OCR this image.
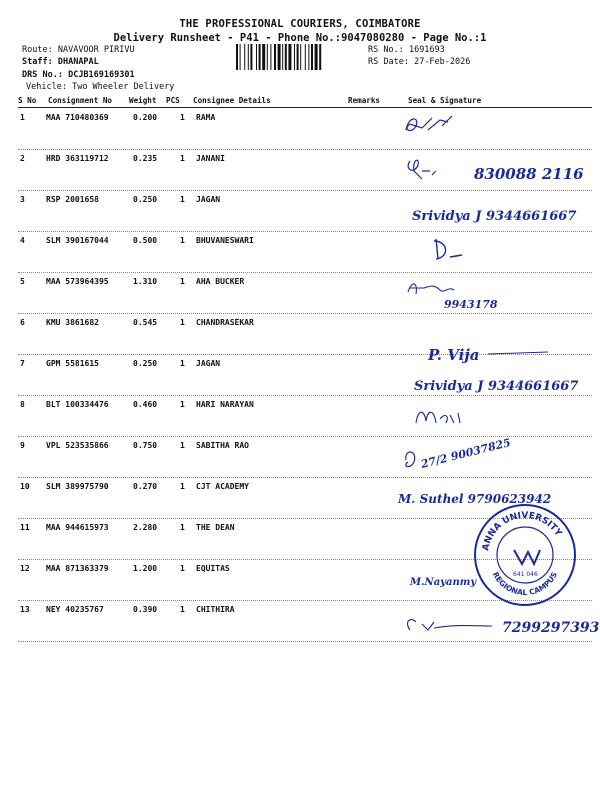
THE PROFESSIONAL COURIERS, COIMBATORE
Delivery Runsheet - P41 - Phone No.:9047080280 - Page No.:1
Route: NAVAVOOR PIRIVU
Staff: DHANAPAL
DRS No.: DCJB169169301
Vehicle: Two Wheeler Delivery
RS No.: 1691693
RS Date: 27-Feb-2026
S No Consignment No Weight PCS Consignee Details	Remarks	Seal & Signature
1	MAA 710480369	0.200	1 RAMA
2	HRD 363119712	0.235	1 JANANI
830088 2116
3	RSP 2001658	0.250	1 JAGAN
Srividya J 9344661667
4	SLM 390167044	0.500	1 BHUVANESWARI
5	MAA 573964395	1.310	1 AHA BUCKER
9943178
6	KMU 3861682	0.545	1 CHANDRASEKAR
7	GPM 5581615	0.250	1 JAGAN	P. Vija
Srividya J 9344661667
8	BLT 100334476	0.460	1 HARI NARAYAN
9	VPL 523535866	0.750	1 SABITHA RAO	27/2 90037825
10 SLM 389975790	0.270	1 CJT ACADEMY
M. Suthel 9790623942
11 MAA 944615973	2.280	1 THE DEAN
12 MAA 871363379	1.200	1 EQUITAS
M.Nayanmy
13 NEY 40235767	0.390	1 CHITHIRA
7299297393
ANNA UNIVERSITY
REGIONAL CAMPUS
641 046
